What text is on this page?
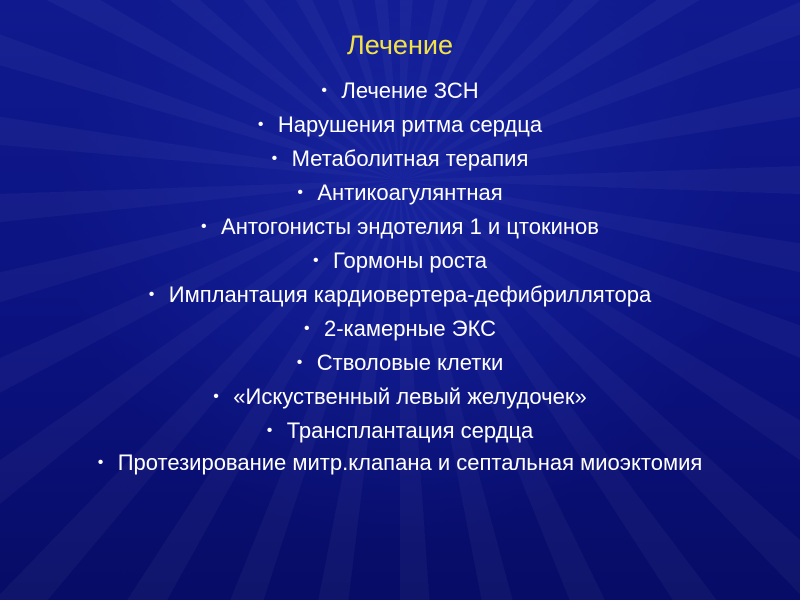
Лечение
• Лечение ЗСН
• Нарушения ритма сердца
• Метаболитная терапия
• Антикоагулянтная
• Антогонисты эндотелия 1 и цтокинов
• Гормоны роста
• Имплантация кардиовертера-дефибриллятора
• 2-камерные ЭКС
• Стволовые клетки
• «Искуственный левый желудочек»
• Трансплантация сердца
• Протезирование митр.клапана и септальная миоэктомия
